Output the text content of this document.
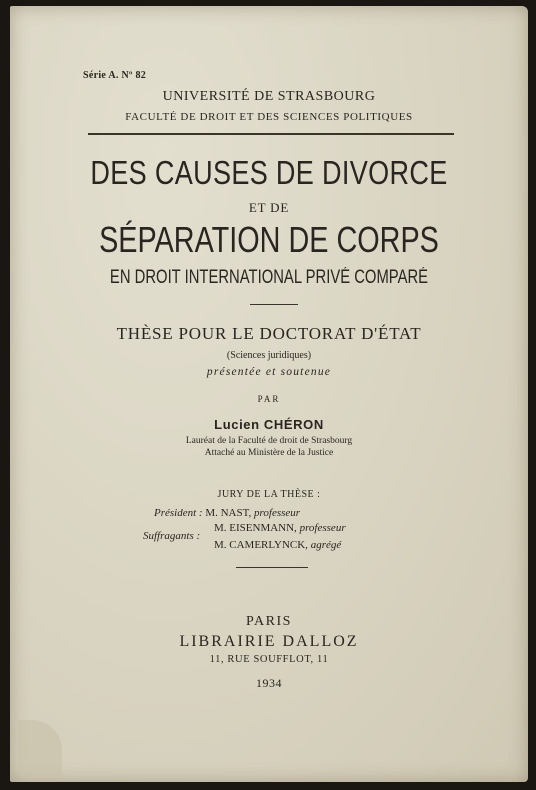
Série A. Nº 82
UNIVERSITÉ DE STRASBOURG
FACULTÉ DE DROIT ET DES SCIENCES POLITIQUES
DES CAUSES DE DIVORCE
ET DE
SÉPARATION DE CORPS
EN DROIT INTERNATIONAL PRIVÉ COMPARÉ
THÈSE POUR LE DOCTORAT D'ÉTAT
(Sciences juridiques)
présentée et soutenue
PAR
Lucien CHÉRON
Lauréat de la Faculté de droit de Strasbourg
Attaché au Ministère de la Justice
JURY DE LA THÈSE :
Président : M. NAST, professeur
Suffragants :
M. EISENMANN, professeur
M. CAMERLYNCK, agrégé
PARIS
LIBRAIRIE DALLOZ
11, RUE SOUFFLOT, 11
1934
